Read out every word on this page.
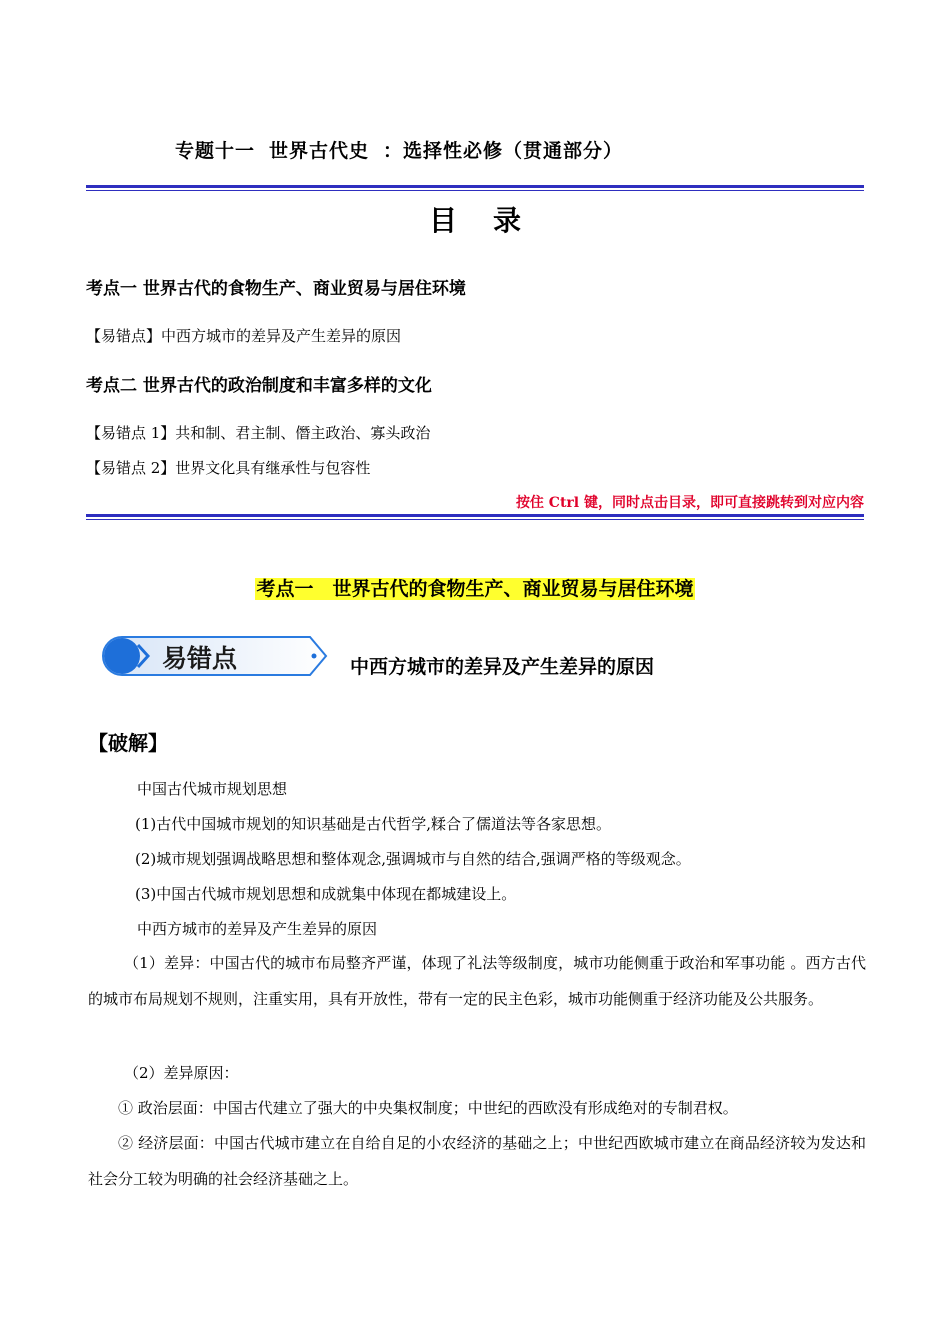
专题十一 世界古代史 ：选择性必修（贯通部分）
目录
考点一 世界古代的食物生产、商业贸易与居住环境
【易错点】中西方城市的差异及产生差异的原因
考点二 世界古代的政治制度和丰富多样的文化
【易错点 1】共和制、君主制、僭主政治、寡头政治
【易错点 2】世界文化具有继承性与包容性
按住 Ctrl 键，同时点击目录，即可直接跳转到对应内容
考点一　世界古代的食物生产、商业贸易与居住环境
易错点	中西方城市的差异及产生差异的原因
【破解】
中国古代城市规划思想
(1)古代中国城市规划的知识基础是古代哲学,糅合了儒道法等各家思想。
(2)城市规划强调战略思想和整体观念,强调城市与自然的结合,强调严格的等级观念。
(3)中国古代城市规划思想和成就集中体现在都城建设上。
中西方城市的差异及产生差异的原因
（1）差异：中国古代的城市布局整齐严谨，体现了礼法等级制度，城市功能侧重于政治和军事功能 。西方古代的城市布局规划不规则，注重实用，具有开放性，带有一定的民主色彩，城市功能侧重于经济功能及公共服务。
（2）差异原因：
① 政治层面：中国古代建立了强大的中央集权制度；中世纪的西欧没有形成绝对的专制君权。
② 经济层面：中国古代城市建立在自给自足的小农经济的基础之上；中世纪西欧城市建立在商品经济较为发达和社会分工较为明确的社会经济基础之上。
